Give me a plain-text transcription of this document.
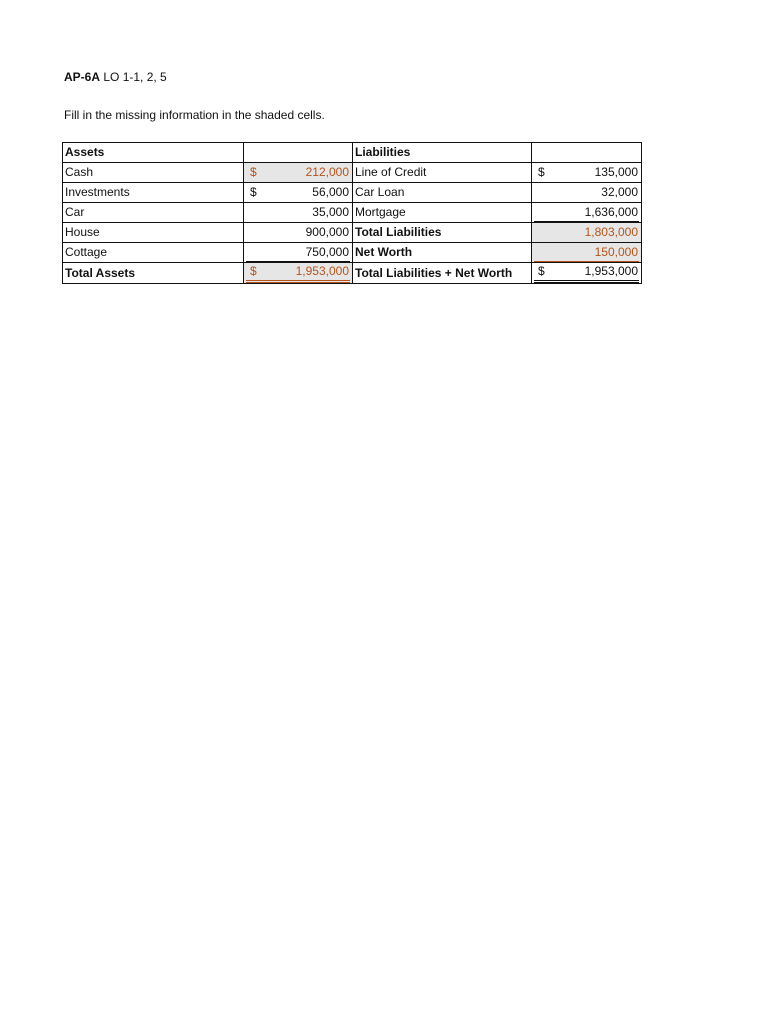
AP-6A LO 1-1, 2, 5
Fill in the missing information in the shaded cells.
Assets		Liabilities	
Cash	$ 212,000	Line of Credit	$ 135,000

Investments	$ 56,000	Car Loan	32,000

Car	35,000	Mortgage	1,636,000

House	900,000	Total Liabilities	1,803,000

Cottage	750,000	Net Worth	150,000

Total Assets	$ 1,953,000	Total Liabilities + Net Worth	$ 1,953,000
